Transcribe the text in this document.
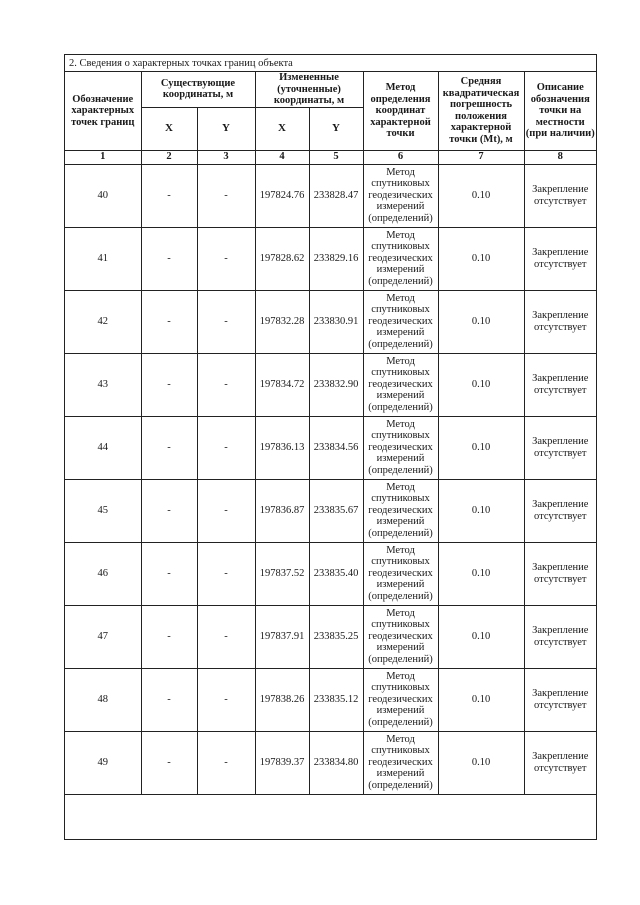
2. Сведения о характерных точках границ объекта
Обозначение характерных точек границ	Существующие координаты, м		Измененные (уточненные) координаты, м		Метод определения координат характерной точки	Средняя квадратическая погрешность положения характерной точки (Mt), м	Описание обозначения точки на местности (при наличии)
	X	Y	X	Y			
1	2	3	4	5	6	7	8
40	-	-	197824.76	233828.47	Метод спутниковых геодезических измерений (определений)	0.10	Закрепление отсутствует
41	-	-	197828.62	233829.16	Метод спутниковых геодезических измерений (определений)	0.10	Закрепление отсутствует
42	-	-	197832.28	233830.91	Метод спутниковых геодезических измерений (определений)	0.10	Закрепление отсутствует
43	-	-	197834.72	233832.90	Метод спутниковых геодезических измерений (определений)	0.10	Закрепление отсутствует
44	-	-	197836.13	233834.56	Метод спутниковых геодезических измерений (определений)	0.10	Закрепление отсутствует
45	-	-	197836.87	233835.67	Метод спутниковых геодезических измерений (определений)	0.10	Закрепление отсутствует
46	-	-	197837.52	233835.40	Метод спутниковых геодезических измерений (определений)	0.10	Закрепление отсутствует
47	-	-	197837.91	233835.25	Метод спутниковых геодезических измерений (определений)	0.10	Закрепление отсутствует
48	-	-	197838.26	233835.12	Метод спутниковых геодезических измерений (определений)	0.10	Закрепление отсутствует
49	-	-	197839.37	233834.80	Метод спутниковых геодезических измерений (определений)	0.10	Закрепление отсутствует
